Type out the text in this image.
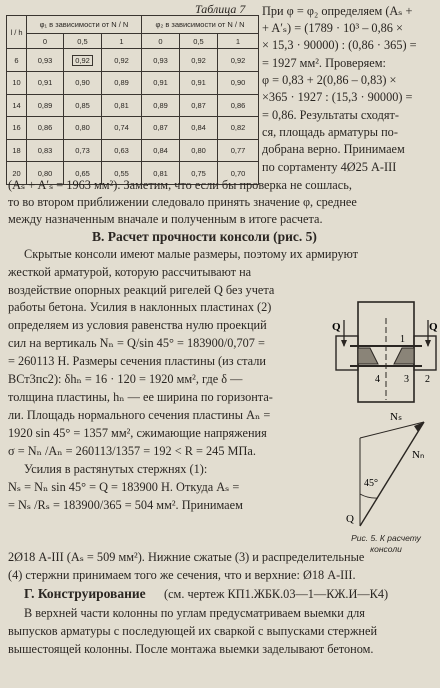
Таблица 7
l / h	φ₁ в зависимости от N / N			φ₂ в зависимости от N / N		
	0	0,5	1	0	0,5	1
6	0,93	0,92	0,92	0,93	0,92	0,92
10	0,91	0,90	0,89	0,91	0,91	0,90
14	0,89	0,85	0,81	0,89	0,87	0,86
16	0,86	0,80	0,74	0,87	0,84	0,82
18	0,83	0,73	0,63	0,84	0,80	0,77
20	0,80	0,65	0,55	0,81	0,75	0,70
При φ = φ₂ определяем (Aₛ +
+ A′ₛ) = (1789 · 10³ – 0,86 ×
× 15,3 · 90000) : (0,86 · 365) =
= 1927 мм². Проверяем:
φ = 0,83 + 2(0,86 – 0,83) ×
×365 · 1927 : (15,3 · 90000) =
= 0,86. Результаты сходят-
ся, площадь арматуры по-
добрана верно. Принимаем
по сортаменту 4Ø25 А-III
(Aₛ + A′ₛ = 1963 мм²). Заметим, что если бы проверка не сошлась,
то во втором приближении следовало принять значение φ, среднее
между назначенным вначале и полученным в итоге расчета.
В. Расчет прочности консоли (рис. 5)
Скрытые консоли имеют малые размеры, поэтому их армируют
жесткой арматурой, которую рассчитывают на
воздействие опорных реакций ригелей Q без учета
работы бетона. Усилия в наклонных пластинах (2)
определяем из условия равенства нулю проекций
сил на вертикаль Nₙ = Q/sin 45° = 183900/0,707 =
= 260113 Н. Размеры сечения пластины (из стали
ВСт3пс2): δhₙ = 16 · 120 = 1920 мм², где δ —
толщина пластины, hₙ — ее ширина по горизонта-
ли. Площадь нормального сечения пластины Aₙ =
1920 sin 45° = 1357 мм², сжимающие напряжения
σ = Nₙ /Aₙ = 260113/1357 = 192 < R = 245 МПа.
Усилия в растянутых стержнях (1):
Nₛ = Nₙ sin 45° = Q = 183900 Н. Откуда Aₛ =
= Nₛ /Rₛ = 183900/365 = 504 мм². Принимаем
2Ø18 А-III (Aₛ = 509 мм²). Нижние сжатые (3) и распределительные
(4) стержни принимаем того же сечения, что и верхние: Ø18 А-III.
Г. Конструирование (см. чертеж КП1.ЖБК.03—1—КЖ.И—К4)
В верхней части колонны по углам предусматриваем выемки для
выпусков арматуры с последующей их сваркой с выпусками стержней
вышестоящей колонны. После монтажа выемки заделывают бетоном.
Q	Q
1
2
3
4
Nₛ
Nₙ
45°
Q
Рис. 5. К расчету
консоли
